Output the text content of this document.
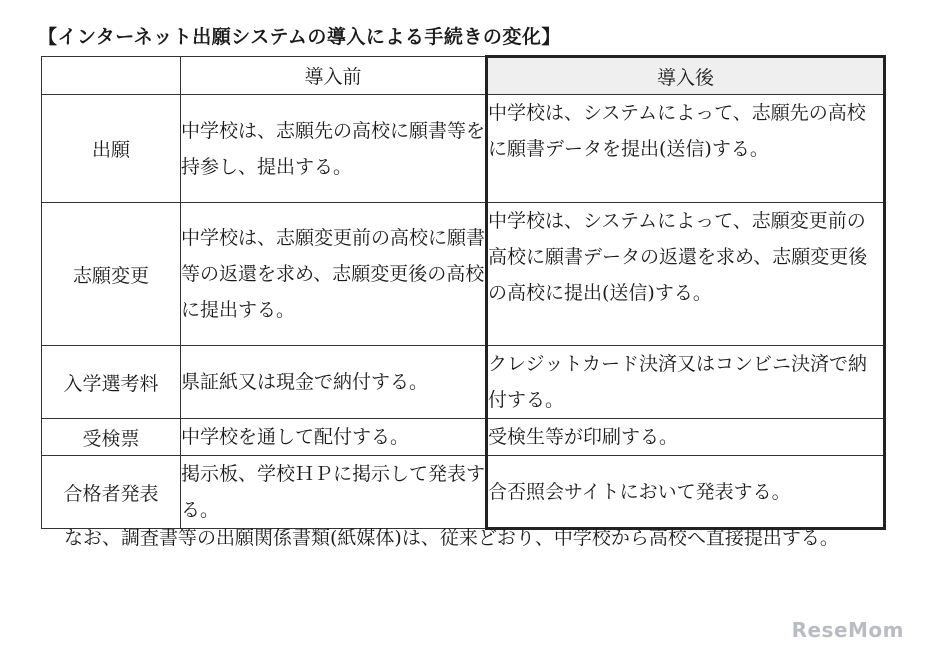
【インターネット出願システムの導入による手続きの変化】
	導入前	導入後
出願	中学校は、志願先の高校に願書等を持参し、提出する。	中学校は、システムによって、志願先の高校に願書データを提出(送信)する。
志願変更	中学校は、志願変更前の高校に願書等の返還を求め、志願変更後の高校に提出する。	中学校は、システムによって、志願変更前の高校に願書データの返還を求め、志願変更後の高校に提出(送信)する。
入学選考料	県証紙又は現金で納付する。	クレジットカード決済又はコンビニ決済で納付する。
受検票	中学校を通して配付する。	受検生等が印刷する。
合格者発表	掲示板、学校ＨＰに掲示して発表する。	合否照会サイトにおいて発表する。
なお、調査書等の出願関係書類(紙媒体)は、従来どおり、中学校から高校へ直接提出する。
ReseMom
